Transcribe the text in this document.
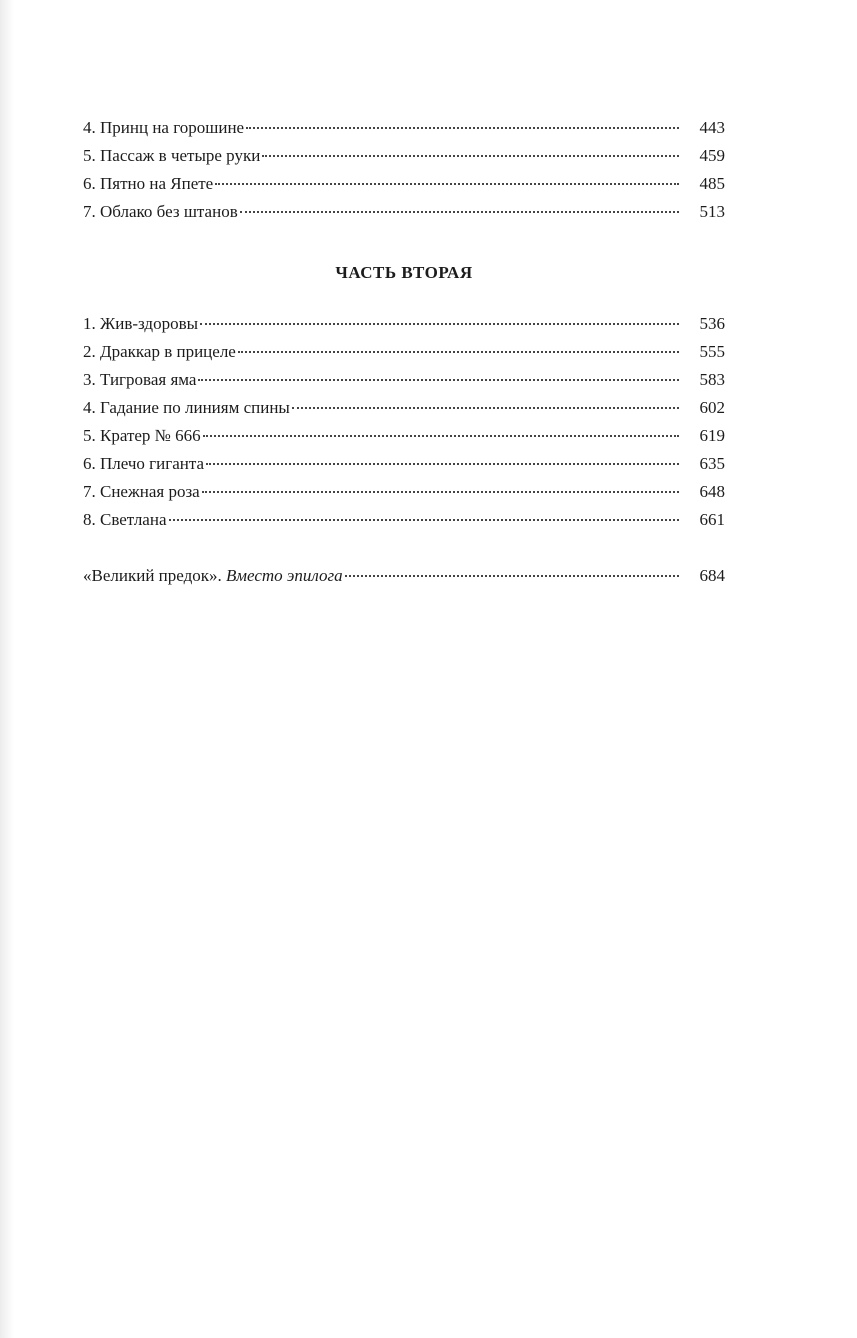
4. Принц на горошине	443
5. Пассаж в четыре руки	459
6. Пятно на Япете	485
7. Облако без штанов	513
ЧАСТЬ ВТОРАЯ
1. Жив-здоровы	536
2. Драккар в прицеле	555
3. Тигровая яма	583
4. Гадание по линиям спины	602
5. Кратер № 666	619
6. Плечо гиганта	635
7. Снежная роза	648
8. Светлана	661
«Великий предок». Вместо эпилога	684
